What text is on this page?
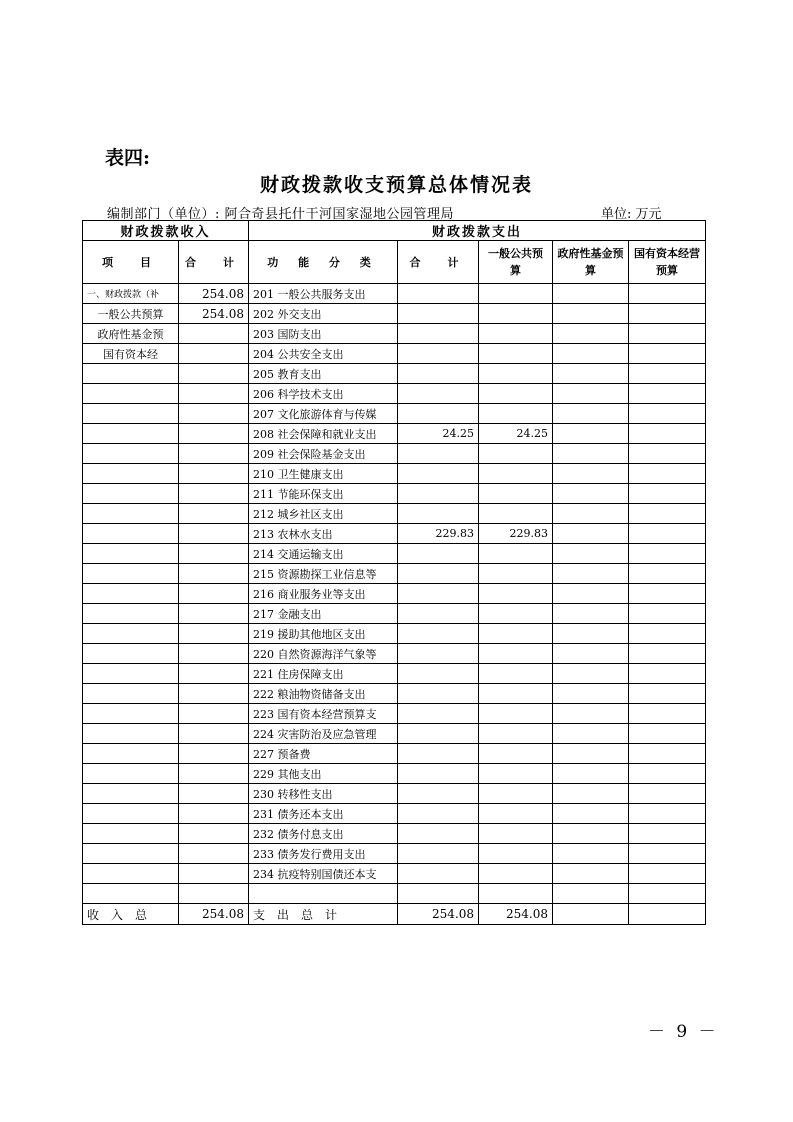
表四:
财政拨款收支预算总体情况表
编制部门（单位）: 阿合奇县托什干河国家湿地公园管理局	单位: 万元
财政拨款收入		财政拨款支出				
项　目	合　计	功 能 分 类	合　计	一般公共预算	政府性基金预算	国有资本经营预算
一、财政拨款（补	254.08	201 一般公共服务支出				
一般公共预算	254.08	202 外交支出				
政府性基金预		203 国防支出				
国有资本经		204 公共安全支出				
		205 教育支出				
		206 科学技术支出				
		207 文化旅游体育与传媒				
		208 社会保障和就业支出	24.25	24.25		
		209 社会保险基金支出				
		210 卫生健康支出				
		211 节能环保支出				
		212 城乡社区支出				
		213 农林水支出	229.83	229.83		
		214 交通运输支出				
		215 资源勘探工业信息等				
		216 商业服务业等支出				
		217 金融支出				
		219 援助其他地区支出				
		220 自然资源海洋气象等				
		221 住房保障支出				
		222 粮油物资储备支出				
		223 国有资本经营预算支				
		224 灾害防治及应急管理				
		227 预备费				
		229 其他支出				
		230 转移性支出				
		231 债务还本支出				
		232 债务付息支出				
		233 债务发行费用支出				
		234 抗疫特别国债还本支				

收　入　总	254.08	支　出　总　计	254.08	254.08		
－ 9 －
